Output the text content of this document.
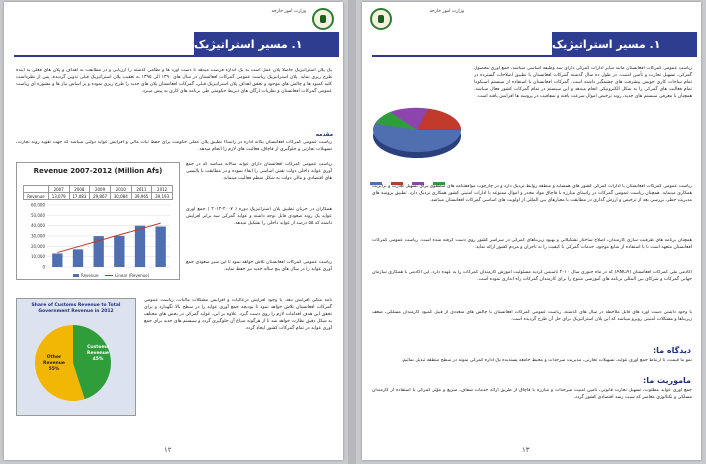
وزارت امور خارجه
١. مسیر استراتیژیک
یک پلان استراتیژیک حاصلاً پلان عمل است به یک اندازه فرصت میدهد تا دست آورد ها و نظامی گذشته را ارزیابی و در مطابقت به اهداف و پلان های فعلی به آینده طرح ریزی نماید. پلان استراتیژیک ریاست عمومی گمرکات افغانستان در سال های ۱۳۹۰ الی ۱۳۹۵ به تعقیب پلان استراتیژیک قبلی تدوین گردیده، پس از نظرداشت کلیه کمبود ها و چالش های موجود و تحقق اهداف پلان استراتیژیک قبلی، گمرکات افغانستان پلان های جدید را طرح ریزی نموده و بر اساس نیاز ها و مشوره ای ریاست عمومی گمرکات افغانستان و نظریات ارگان های ذیربط حکومتی طی برنامه های کاری به پیش میبرد.
مقدمه
ریاست عمومی گمرکات افغانستان یگانه اداره در راستاء تطبیق پلان عملی حکومت برای حفظ ثبات مالی و افزایش عواید دولتی میباشد که جهت تقویه روند تجارت، تسهیلات تجارتی و جلوگیری از قاچاق، فعالیت های لازم را انجام میدهد.
ریاست عمومی گمرکات افغانستان دارای عواید سالانه میباشد که در جمع آوری عواید داخلی دولت نقش اساسی را ایفاء نموده و در مطابقت با پالیسی های اقتصادی و مالی دولت به شکل منظم فعالیت مینماید.
همکاران در جریان تطبیق پلان استراتیژیک دوره ( ۲۰۰۷-۲۰۱۲ ) جمع آوری عواید یک روند صعودی قابل توجه داشته و عواید گمرکی سه برابر افزایش داشته که ۵۵ درصد از عواید داخلی را تشکیل میدهد.
ریاست عمومی گمرکات افغانستان تلاش خواهد نمود تا این سیر صعودی جمع آوری عواید را در سال های پنج ساله جدید نیز حفظ نماید.
Revenue 2007-2012 (Million Afs)
	2007	2008	2009	2010	2011	2012
Revenue	13,079	17,083	29,867	30,084	39,965	39,193
60,000
50,000
40,000
30,000
20,000
10,000
0
Revenue	Linear (Revenue)
Share of Customs Revenue to Total Government Revenue in 2012
Other Revenue 55%
Customs Revenue 45%
نامه متکی افزایش دهد. با وجود افزایش درعالیات و افزایش مشکلات مالیات، ریاست عمومی گمرکات افغانستان تلاش خواهد نمود تا بودیجه جمع آوری عواید را در سطح بالا نگهدارد و برای تحقق این هدف اقدامات لازم را روی دست گیرد. علاوه بر این، عواید گمرکی در بخش های مختلف به شکل دقیق نظارت خواهد شد تا از هرگونه ضیاع آن جلوگیری گردد و سیستم های جدید برای جمع آوری عواید در تمام گمرکات کشور ایجاد گردد.
١٢
وزارت امور خارجه
١. مسیر استراتیژیک

ریاست عمومی گمرکات افغانستان مانند سایر ادارات گمرکی دارای سه وظیفه اساسی میباشد، جمع آوری محصول گمرکی، تسهیل تجارت و تأمین امنیت. در طول ده سال گذشته گمرکات افغانستان با تطبیق اصلاحات گسترده در تمام ساحات کاری خویش پیشرفت های چشمگیر داشته است. گمرکات افغانستان با استفاده از سیستم اسیکودا تمام فعالیت های گمرکی را به شکل الکترونیکی انجام میدهد و این سیستم در تمام گمرکات کشور فعال میباشد. همچنان با معرفی سیستم های جدید، روند ترخیص اموال سرعت یافته و شفافیت در پروسه ها افزایش یافته است.
ریاست عمومی گمرکات افغانستان با ادارات گمرکی کشور های همسایه و منطقه روابط نزدیک دارد و در چارچوب موافقتنامه های منطقوی برای تسهیل تجارت و ترانزیت همکاری مینماید. همچنان ریاست عمومی گمرکات در راستای مبارزه با قاچاق مواد مخدر و اموال ممنوعه با ادارات امنیتی کشور همکاری نزدیک دارد. تطبیق پروسه های مدیریت خطر، بررسی بعد از ترخیص و ارزش گذاری در مطابقت با معیارهای بین المللی از اولویت های اساسی گمرکات افغانستان میباشد.
همچنان برنامه های ظرفیت سازی کارمندان، اصلاح ساختار تشکیلاتی و بهبود زیربناهای گمرکی در سراسر کشور روی دست گرفته شده است. ریاست عمومی گمرکات افغانستان متعهد است تا با استفاده از منابع موجود، خدمات گمرکی با کیفیت را به تاجران و مردم کشور ارائه نماید.
اکادمی ملی گمرکات افغانستان (ANCA) که در ماه جنوری سال ۲۰۱۰ تأسیس گردید مسئولیت آموزش کارمندان گمرکات را به عهده دارد. این اکادمی با همکاری سازمان جهانی گمرکات و شرکای بین المللی برنامه های آموزشی متنوع را برای کارمندان گمرکات راه اندازی نموده است.
با وجود داشتن دست آورد های قابل ملاحظه در سال های گذشته، ریاست عمومی گمرکات افغانستان با چالش های متعددی از قبیل کمبود کارمندان مسلکی، ضعف زیربناها و مشکلات امنیتی روبرو میباشد که این پلان استراتیژیک برای حل آن طرح گردیده است.
دیدگاه ما:
نمو ما قیمت، تا ارتباط جمع آوری عواید، تسهیلات تجارتی، مدیریت سرحدات و محیط جامعه پسندیده یک اداره گمرکی نمونه در سطح منطقه تبدیل نمائیم.
ماموریت ما:
جمع آوری عواید مطلوب، تسهیل تجارت قانونی، تأمین امنیت سرحدات و مبارزه با قاچاق از طریق ارائه خدمات شفاف، سریع و مؤثر گمرکی با استفاده از کارمندان مسلکی و تکنالوژی معاصر که سبب رشد اقتصادی کشور گردد.
١٣
